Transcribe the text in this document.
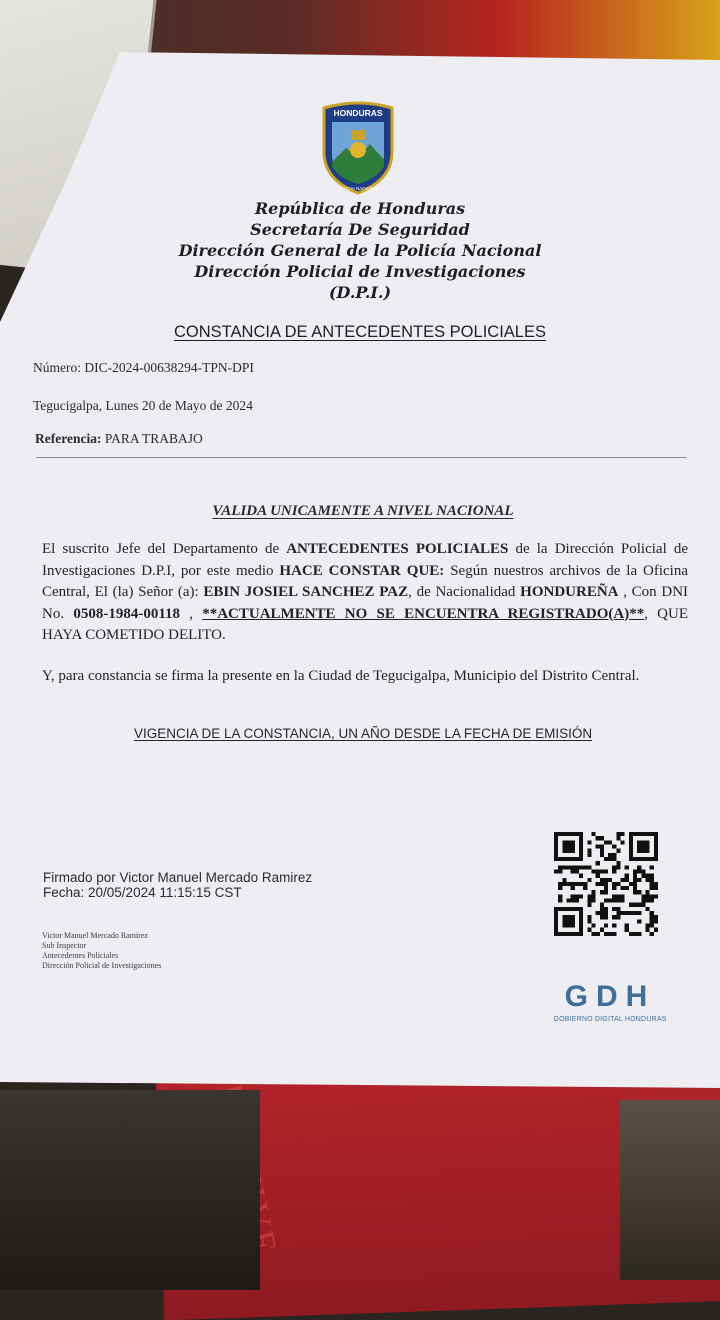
HONDURAS
POLICIA NACIONAL
República de Honduras
Secretaría De Seguridad
Dirección General de la Policía Nacional
Dirección Policial de Investigaciones
(D.P.I.)
CONSTANCIA DE ANTECEDENTES POLICIALES
Número: DIC-2024-00638294-TPN-DPI
Tegucigalpa, Lunes 20 de Mayo de 2024
Referencia: PARA TRABAJO
VALIDA UNICAMENTE A NIVEL NACIONAL
El suscrito Jefe del Departamento de ANTECEDENTES POLICIALES de la Dirección Policial de Investigaciones D.P.I, por este medio HACE CONSTAR QUE: Según nuestros archivos de la Oficina Central, El (la) Señor (a): EBIN JOSIEL SANCHEZ PAZ, de Nacionalidad HONDUREÑA , Con DNI No. 0508-1984-00118 , **ACTUALMENTE NO SE ENCUENTRA REGISTRADO(A)**, QUE HAYA COMETIDO DELITO.
Y, para constancia se firma la presente en la Ciudad de Tegucigalpa, Municipio del Distrito Central.
VIGENCIA DE LA CONSTANCIA, UN AÑO DESDE LA FECHA DE EMISIÓN
Firmado por Victor Manuel Mercado Ramirez
Fecha: 20/05/2024 11:15:15 CST
Victor Manuel Mercado Ramirez
Sub Inspector
Antecedentes Policiales
Dirección Policial de Investigaciones
GDH
GOBIERNO DIGITAL HONDURAS
